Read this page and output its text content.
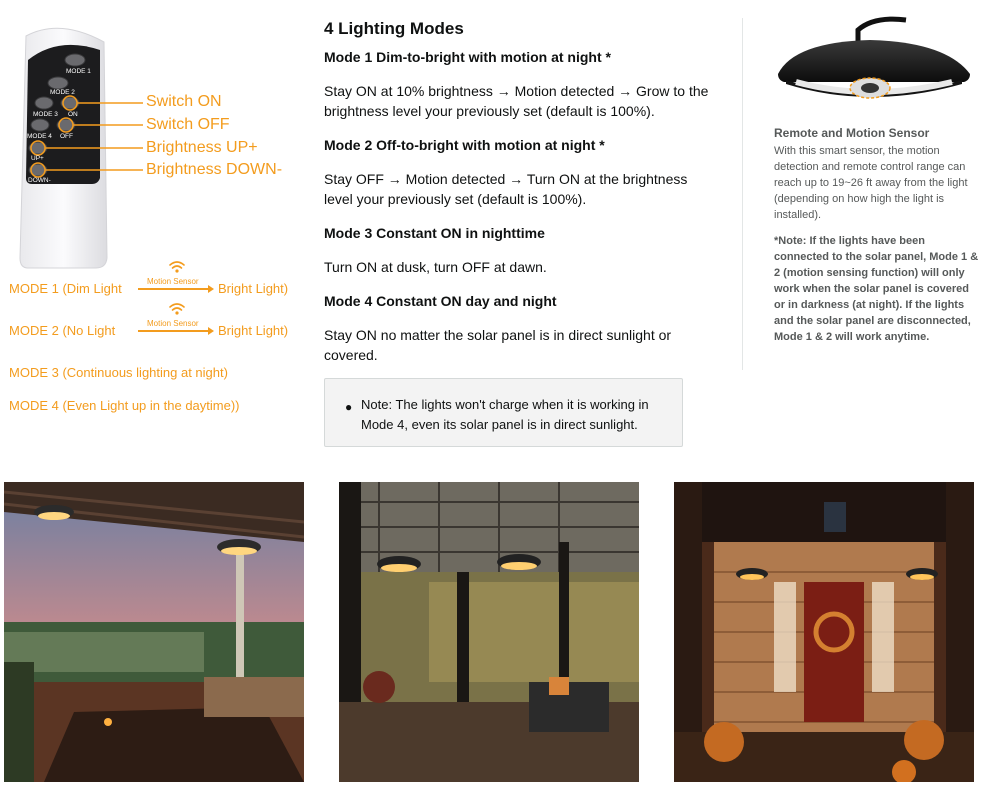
MODE 1
MODE 2
MODE 3 ON
MODE 4 OFF
UP+
DOWN-
Switch ON
Switch OFF
Brightness UP+
Brightness DOWN-
MODE 1 (Dim Light	Motion Sensor Bright Light)
MODE 2 (No Light	Motion Sensor Bright Light)
MODE 3 (Continuous lighting at night)
MODE 4 (Even Light up in the daytime))
4 Lighting Modes
Mode 1 Dim-to-bright with motion at night *
Stay ON at 10% brightness → Motion detected → Grow to the brightness level your previously set (default is 100%).
Mode 2 Off-to-bright with motion at night *
Stay OFF → Motion detected → Turn ON at the brightness level your previously set (default is 100%).
Mode 3 Constant ON in nighttime
Turn ON at dusk, turn OFF at dawn.
Mode 4 Constant ON day and night
Stay ON no matter the solar panel is in direct sunlight or covered.
● Note: The lights won't charge when it is working in Mode 4, even its solar panel is in direct sunlight.
Remote and Motion Sensor
With this smart sensor, the motion detection and remote control range can reach up to 19~26 ft away from the light (depending on how high the light is installed).
*Note: If the lights have been connected to the solar panel, Mode 1 & 2 (motion sensing function) will only work when the solar panel is covered or in darkness (at night). If the lights and the solar panel are disconnected, Mode 1 & 2 will work anytime.
